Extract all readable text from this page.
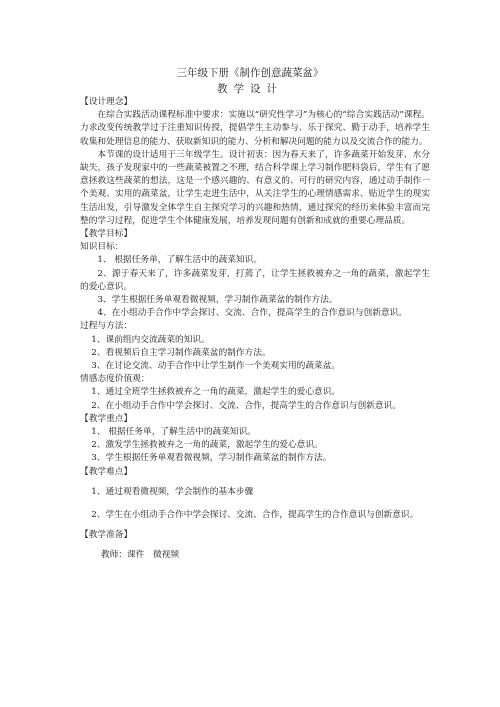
三年级下册《制作创意蔬菜盆》
教学设计

【设计理念】

在综合实践活动课程标准中要求：实施以“研究性学习”为核心的“综合实践活动”课程。力求改变传统教学过于注重知识传授，提倡学生主动参与、乐于探究、勤于动手，培养学生收集和处理信息的能力、获取新知识的能力、分析和解决问题的能力以及交流合作的能力。

本节课的设计适用于三年级学生。设计初衷：因为春天来了，许多蔬菜开始发芽、水分缺失，孩子发现家中的一些蔬菜被置之不理，结合科学课上学习制作肥料袋后，学生有了愿意拯救这些蔬菜的想法，这是一个感兴趣的、有意义的、可行的研究内容，通过动手制作一个美观、实用的蔬菜盆，让学生走进生活中，从关注学生的心理情感需求、贴近学生的现实生活出发，引导激发全体学生自主探究学习的兴趣和热情，通过探究的经历来体验丰富而完整的学习过程，促进学生个体健康发展，培养发现问题有创新和成就的重要心理品质。

【教学目标】

知识目标：

1、 根据任务单，了解生活中的蔬菜知识。

2、源于春天来了，许多蔬菜发芽，打蔫了，让学生拯救被弃之一角的蔬菜，激起学生的爱心意识。

3、学生根据任务单观看微视频，学习制作蔬菜盆的制作方法。

4、在小组动手合作中学会探讨、交流、合作，提高学生的合作意识与创新意识。

过程与方法：

1、课前组内交流蔬菜的知识。

2、看视频后自主学习制作蔬菜盆的制作方法。

3、在讨论交流、动手合作中让学生制作一个美观实用的蔬菜盆。

情感态度价值观：

1、通过全班学生拯救被弃之一角的蔬菜，激起学生的爱心意识。

2、在小组动手合作中学会探讨、交流、合作，提高学生的合作意识与创新意识。

【教学重点】

1、 根据任务单，了解生活中的蔬菜知识。

2、激发学生拯救被弃之一角的蔬菜，激起学生的爱心意识。

3、学生根据任务单观看微视频，学习制作蔬菜盆的制作方法。

【教学难点】

1、通过观看微视频，学会制作的基本步骤

2、学生在小组动手合作中学会探讨、交流、合作，提高学生的合作意识与创新意识。

【教学准备】

教师：课件　微视频
